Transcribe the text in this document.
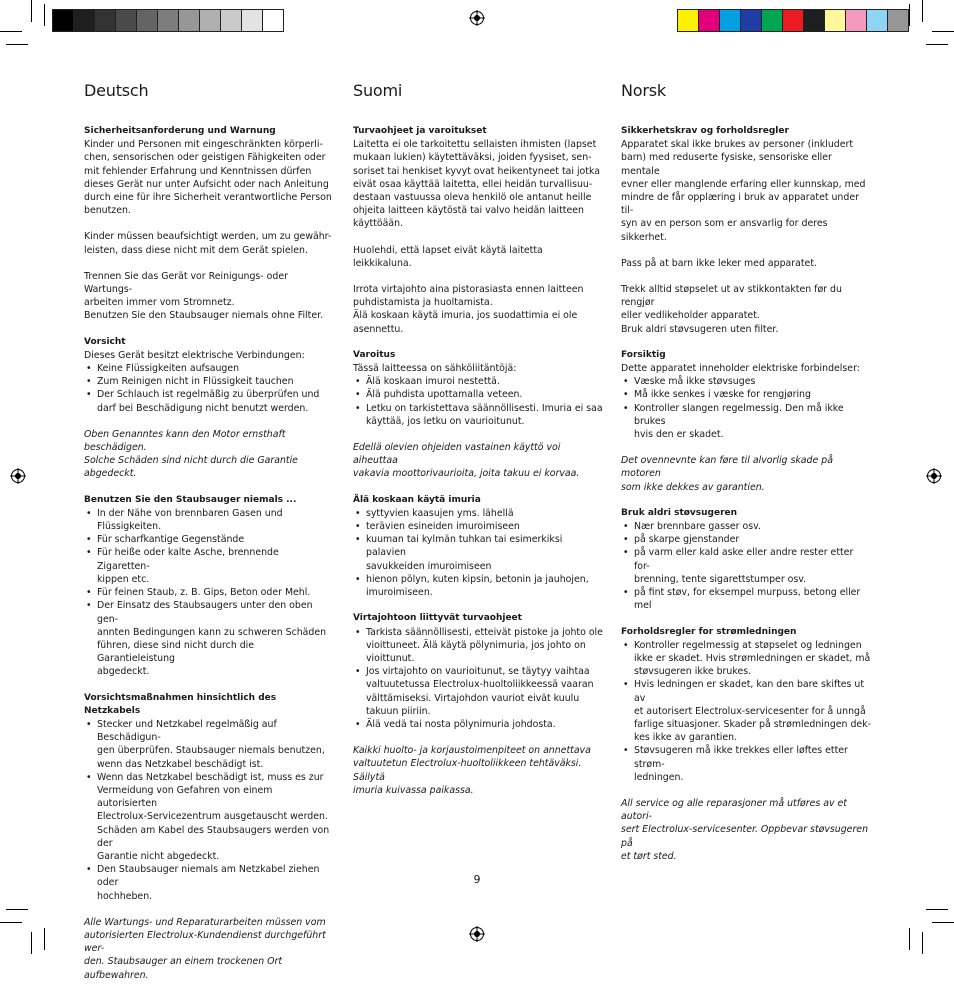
Deutsch
Sicherheitsanforderung und Warnung
Kinder und Personen mit eingeschränkten körperli-
chen, sensorischen oder geistigen Fähigkeiten oder
mit fehlender Erfahrung und Kenntnissen dürfen
dieses Gerät nur unter Aufsicht oder nach Anleitung
durch eine für ihre Sicherheit verantwortliche Person
benutzen.
Kinder müssen beaufsichtigt werden, um zu gewähr-
leisten, dass diese nicht mit dem Gerät spielen.
Trennen Sie das Gerät vor Reinigungs- oder Wartungs-
arbeiten immer vom Stromnetz.
Benutzen Sie den Staubsauger niemals ohne Filter.
Vorsicht
Dieses Gerät besitzt elektrische Verbindungen:
• Keine Flüssigkeiten aufsaugen
• Zum Reinigen nicht in Flüssigkeit tauchen
• Der Schlauch ist regelmäßig zu überprüfen und
darf bei Beschädigung nicht benutzt werden.
Oben Genanntes kann den Motor ernsthaft beschädigen.
Solche Schäden sind nicht durch die Garantie abgedeckt.
Benutzen Sie den Staubsauger niemals ...
• In der Nähe von brennbaren Gasen und Flüssigkeiten.
• Für scharfkantige Gegenstände
• Für heiße oder kalte Asche, brennende Zigaretten-
kippen etc.
• Für feinen Staub, z. B. Gips, Beton oder Mehl.
• Der Einsatz des Staubsaugers unter den oben gen-
annten Bedingungen kann zu schweren Schäden
führen, diese sind nicht durch die Garantieleistung
abgedeckt.
Vorsichtsmaßnahmen hinsichtlich des Netzkabels
• Stecker und Netzkabel regelmäßig auf Beschädigun-
gen überprüfen. Staubsauger niemals benutzen,
wenn das Netzkabel beschädigt ist.
• Wenn das Netzkabel beschädigt ist, muss es zur
Vermeidung von Gefahren von einem autorisierten
Electrolux-Servicezentrum ausgetauscht werden.
Schäden am Kabel des Staubsaugers werden von der
Garantie nicht abgedeckt.
• Den Staubsauger niemals am Netzkabel ziehen oder
hochheben.
Alle Wartungs- und Reparaturarbeiten müssen vom
autorisierten Electrolux-Kundendienst durchgeführt wer-
den. Staubsauger an einem trockenen Ort aufbewahren.
Suomi
Turvaohjeet ja varoitukset
Laitetta ei ole tarkoitettu sellaisten ihmisten (lapset
mukaan lukien) käytettäväksi, joiden fyysiset, sen-
soriset tai henkiset kyvyt ovat heikentyneet tai jotka
eivät osaa käyttää laitetta, ellei heidän turvallisuu-
destaan vastuussa oleva henkilö ole antanut heille
ohjeita laitteen käytöstä tai valvo heidän laitteen
käyttöään.
Huolehdi, että lapset eivät käytä laitetta leikkikaluna.
Irrota virtajohto aina pistorasiasta ennen laitteen
puhdistamista ja huoltamista.
Älä koskaan käytä imuria, jos suodattimia ei ole
asennettu.
Varoitus
Tässä laitteessa on sähköliitäntöjä:
• Älä koskaan imuroi nestettä.
• Älä puhdista upottamalla veteen.
• Letku on tarkistettava säännöllisesti. Imuria ei saa
käyttää, jos letku on vaurioitunut.
Edellä olevien ohjeiden vastainen käyttö voi aiheuttaa
vakavia moottorivaurioita, joita takuu ei korvaa.
Älä koskaan käytä imuria
• syttyvien kaasujen yms. lähellä
• terävien esineiden imuroimiseen
• kuuman tai kylmän tuhkan tai esimerkiksi palavien
savukkeiden imuroimiseen
• hienon pölyn, kuten kipsin, betonin ja jauhojen,
imuroimiseen.
Virtajohtoon liittyvät turvaohjeet
• Tarkista säännöllisesti, etteivät pistoke ja johto ole
vioittuneet. Älä käytä pölynimuria, jos johto on
vioittunut.
• Jos virtajohto on vaurioitunut, se täytyy vaihtaa
valtuutetussa Electrolux-huoltoliikkeessä vaaran
välttämiseksi. Virtajohdon vauriot eivät kuulu
takuun piiriin.
• Älä vedä tai nosta pölynimuria johdosta.
Kaikki huolto- ja korjaustoimenpiteet on annettava
valtuutetun Electrolux-huoltoliikkeen tehtäväksi. Säilytä
imuria kuivassa paikassa.
Norsk
Sikkerhetskrav og forholdsregler
Apparatet skal ikke brukes av personer (inkludert
barn) med reduserte fysiske, sensoriske eller mentale
evner eller manglende erfaring eller kunnskap, med
mindre de får opplæring i bruk av apparatet under til-
syn av en person som er ansvarlig for deres sikkerhet.
Pass på at barn ikke leker med apparatet.
Trekk alltid støpselet ut av stikkontakten før du rengjør
eller vedlikeholder apparatet.
Bruk aldri støvsugeren uten filter.
Forsiktig
Dette apparatet inneholder elektriske forbindelser:
• Væske må ikke støvsuges
• Må ikke senkes i væske for rengjøring
• Kontroller slangen regelmessig. Den må ikke brukes
hvis den er skadet.
Det ovennevnte kan føre til alvorlig skade på motoren
som ikke dekkes av garantien.
Bruk aldri støvsugeren
• Nær brennbare gasser osv.
• på skarpe gjenstander
• på varm eller kald aske eller andre rester etter for-
brenning, tente sigarettstumper osv.
• på fint støv, for eksempel murpuss, betong eller mel
Forholdsregler for strømledningen
• Kontroller regelmessig at støpselet og ledningen
ikke er skadet. Hvis strømledningen er skadet, må
støvsugeren ikke brukes.
• Hvis ledningen er skadet, kan den bare skiftes ut av
et autorisert Electrolux-servicesenter for å unngå
farlige situasjoner. Skader på strømledningen dek-
kes ikke av garantien.
• Støvsugeren må ikke trekkes eller løftes etter strøm-
ledningen.
All service og alle reparasjoner må utføres av et autori-
sert Electrolux-servicesenter. Oppbevar støvsugeren på
et tørt sted.
9
